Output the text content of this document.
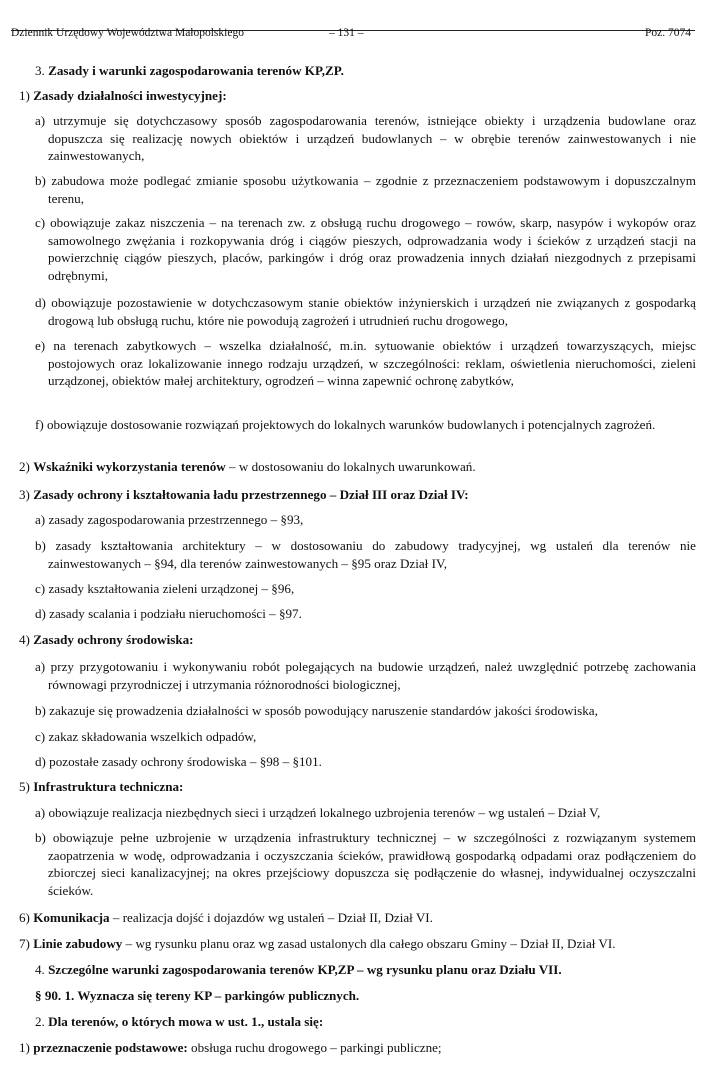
Dziennik Urzędowy Województwa Małopolskiego	– 131 –	Poz. 7074
3. Zasady i warunki zagospodarowania terenów KP,ZP.
1) Zasady działalności inwestycyjnej:
a) utrzymuje się dotychczasowy sposób zagospodarowania terenów, istniejące obiekty i urządzenia budowlane oraz dopuszcza się realizację nowych obiektów i urządzeń budowlanych – w obrębie terenów zainwestowanych i nie zainwestowanych,
b) zabudowa może podlegać zmianie sposobu użytkowania – zgodnie z przeznaczeniem podstawowym i dopuszczalnym terenu,
c) obowiązuje zakaz niszczenia – na terenach zw. z obsługą ruchu drogowego – rowów, skarp, nasypów i wykopów oraz samowolnego zwężania i rozkopywania dróg i ciągów pieszych, odprowadzania wody i ścieków z urządzeń stacji na powierzchnię ciągów pieszych, placów, parkingów i dróg oraz prowadzenia innych działań niezgodnych z przepisami odrębnymi,
d) obowiązuje pozostawienie w dotychczasowym stanie obiektów inżynierskich i urządzeń nie związanych z gospodarką drogową lub obsługą ruchu, które nie powodują zagrożeń i utrudnień ruchu drogowego,
e) na terenach zabytkowych – wszelka działalność, m.in. sytuowanie obiektów i urządzeń towarzyszących, miejsc postojowych oraz lokalizowanie innego rodzaju urządzeń, w szczególności: reklam, oświetlenia nieruchomości, zieleni urządzonej, obiektów małej architektury, ogrodzeń – winna zapewnić ochronę zabytków,
f) obowiązuje dostosowanie rozwiązań projektowych do lokalnych warunków budowlanych i potencjalnych zagrożeń.
2) Wskaźniki wykorzystania terenów – w dostosowaniu do lokalnych uwarunkowań.
3) Zasady ochrony i kształtowania ładu przestrzennego – Dział III oraz Dział IV:
a) zasady zagospodarowania przestrzennego – §93,
b) zasady kształtowania architektury – w dostosowaniu do zabudowy tradycyjnej, wg ustaleń dla terenów nie zainwestowanych – §94, dla terenów zainwestowanych – §95 oraz Dział IV,
c) zasady kształtowania zieleni urządzonej – §96,
d) zasady scalania i podziału nieruchomości – §97.
4) Zasady ochrony środowiska:
a) przy przygotowaniu i wykonywaniu robót polegających na budowie urządzeń, należ uwzględnić potrzebę zachowania równowagi przyrodniczej i utrzymania różnorodności biologicznej,
b) zakazuje się prowadzenia działalności w sposób powodujący naruszenie standardów jakości środowiska,
c) zakaz składowania wszelkich odpadów,
d) pozostałe zasady ochrony środowiska – §98 – §101.
5) Infrastruktura techniczna:
a) obowiązuje realizacja niezbędnych sieci i urządzeń lokalnego uzbrojenia terenów – wg ustaleń – Dział V,
b) obowiązuje pełne uzbrojenie w urządzenia infrastruktury technicznej – w szczególności z rozwiązanym systemem zaopatrzenia w wodę, odprowadzania i oczyszczania ścieków, prawidłową gospodarką odpadami oraz podłączeniem do zbiorczej sieci kanalizacyjnej; na okres przejściowy dopuszcza się podłączenie do własnej, indywidualnej oczyszczalni ścieków.
6) Komunikacja – realizacja dojść i dojazdów wg ustaleń – Dział II, Dział VI.
7) Linie zabudowy – wg rysunku planu oraz wg zasad ustalonych dla całego obszaru Gminy – Dział II, Dział VI.
4. Szczególne warunki zagospodarowania terenów KP,ZP – wg rysunku planu oraz Działu VII.
§ 90. 1. Wyznacza się tereny KP – parkingów publicznych.
2. Dla terenów, o których mowa w ust. 1., ustala się:
1) przeznaczenie podstawowe: obsługa ruchu drogowego – parkingi publiczne;
